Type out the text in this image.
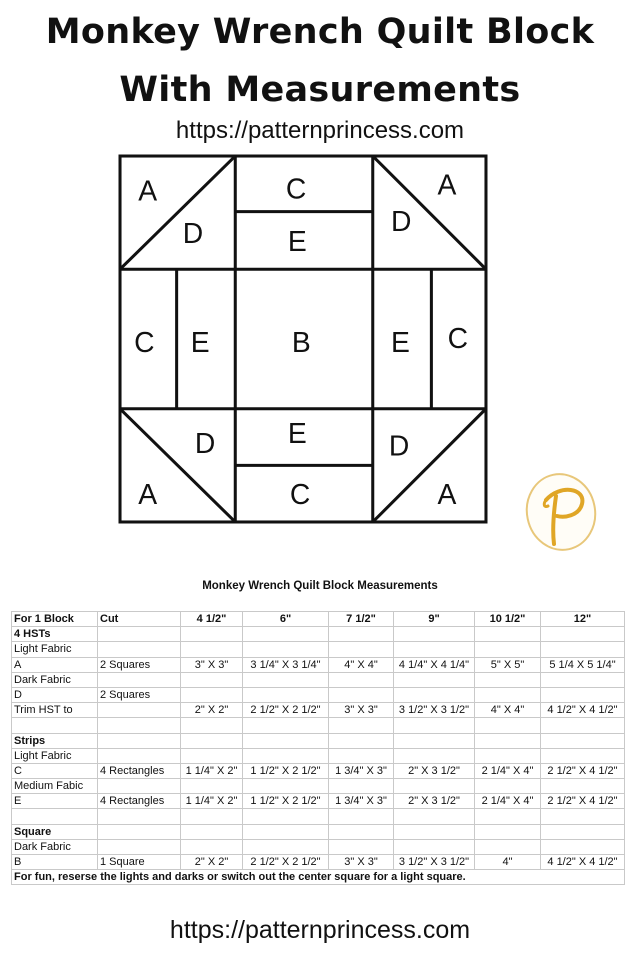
Monkey Wrench Quilt Block
With Measurements
https://patternprincess.com
A
D
C
E
A
D
C E	B	E C
D
A
E
C
D
A
Monkey Wrench Quilt Block Measurements
For 1 Block	Cut	4 1/2"	6"	7 1/2"	9"	10 1/2"	12"
4 HSTs							
Light Fabric							
A	2 Squares	3" X 3"	3 1/4" X 3 1/4"	4" X 4"	4 1/4" X 4 1/4"	5" X 5"	5 1/4 X 5 1/4"
Dark Fabric							
D	2 Squares						
Trim HST to		2" X 2"	2 1/2" X 2 1/2"	3" X 3"	3 1/2" X 3 1/2"	4" X 4"	4 1/2" X 4 1/2"

Strips							
Light Fabric							
C	4 Rectangles	1 1/4" X 2"	1 1/2" X 2 1/2"	1 3/4" X 3"	2" X 3 1/2"	2 1/4" X 4"	2 1/2" X 4 1/2"
Medium Fabic							
E	4 Rectangles	1 1/4" X 2"	1 1/2" X 2 1/2"	1 3/4" X 3"	2" X 3 1/2"	2 1/4" X 4"	2 1/2" X 4 1/2"

Square							
Dark Fabric							
B	1 Square	2" X 2"	2 1/2" X 2 1/2"	3" X 3"	3 1/2" X 3 1/2"	4"	4 1/2" X 4 1/2"
For fun, reserse the lights and darks or switch out the center square for a light square.							
https://patternprincess.com
